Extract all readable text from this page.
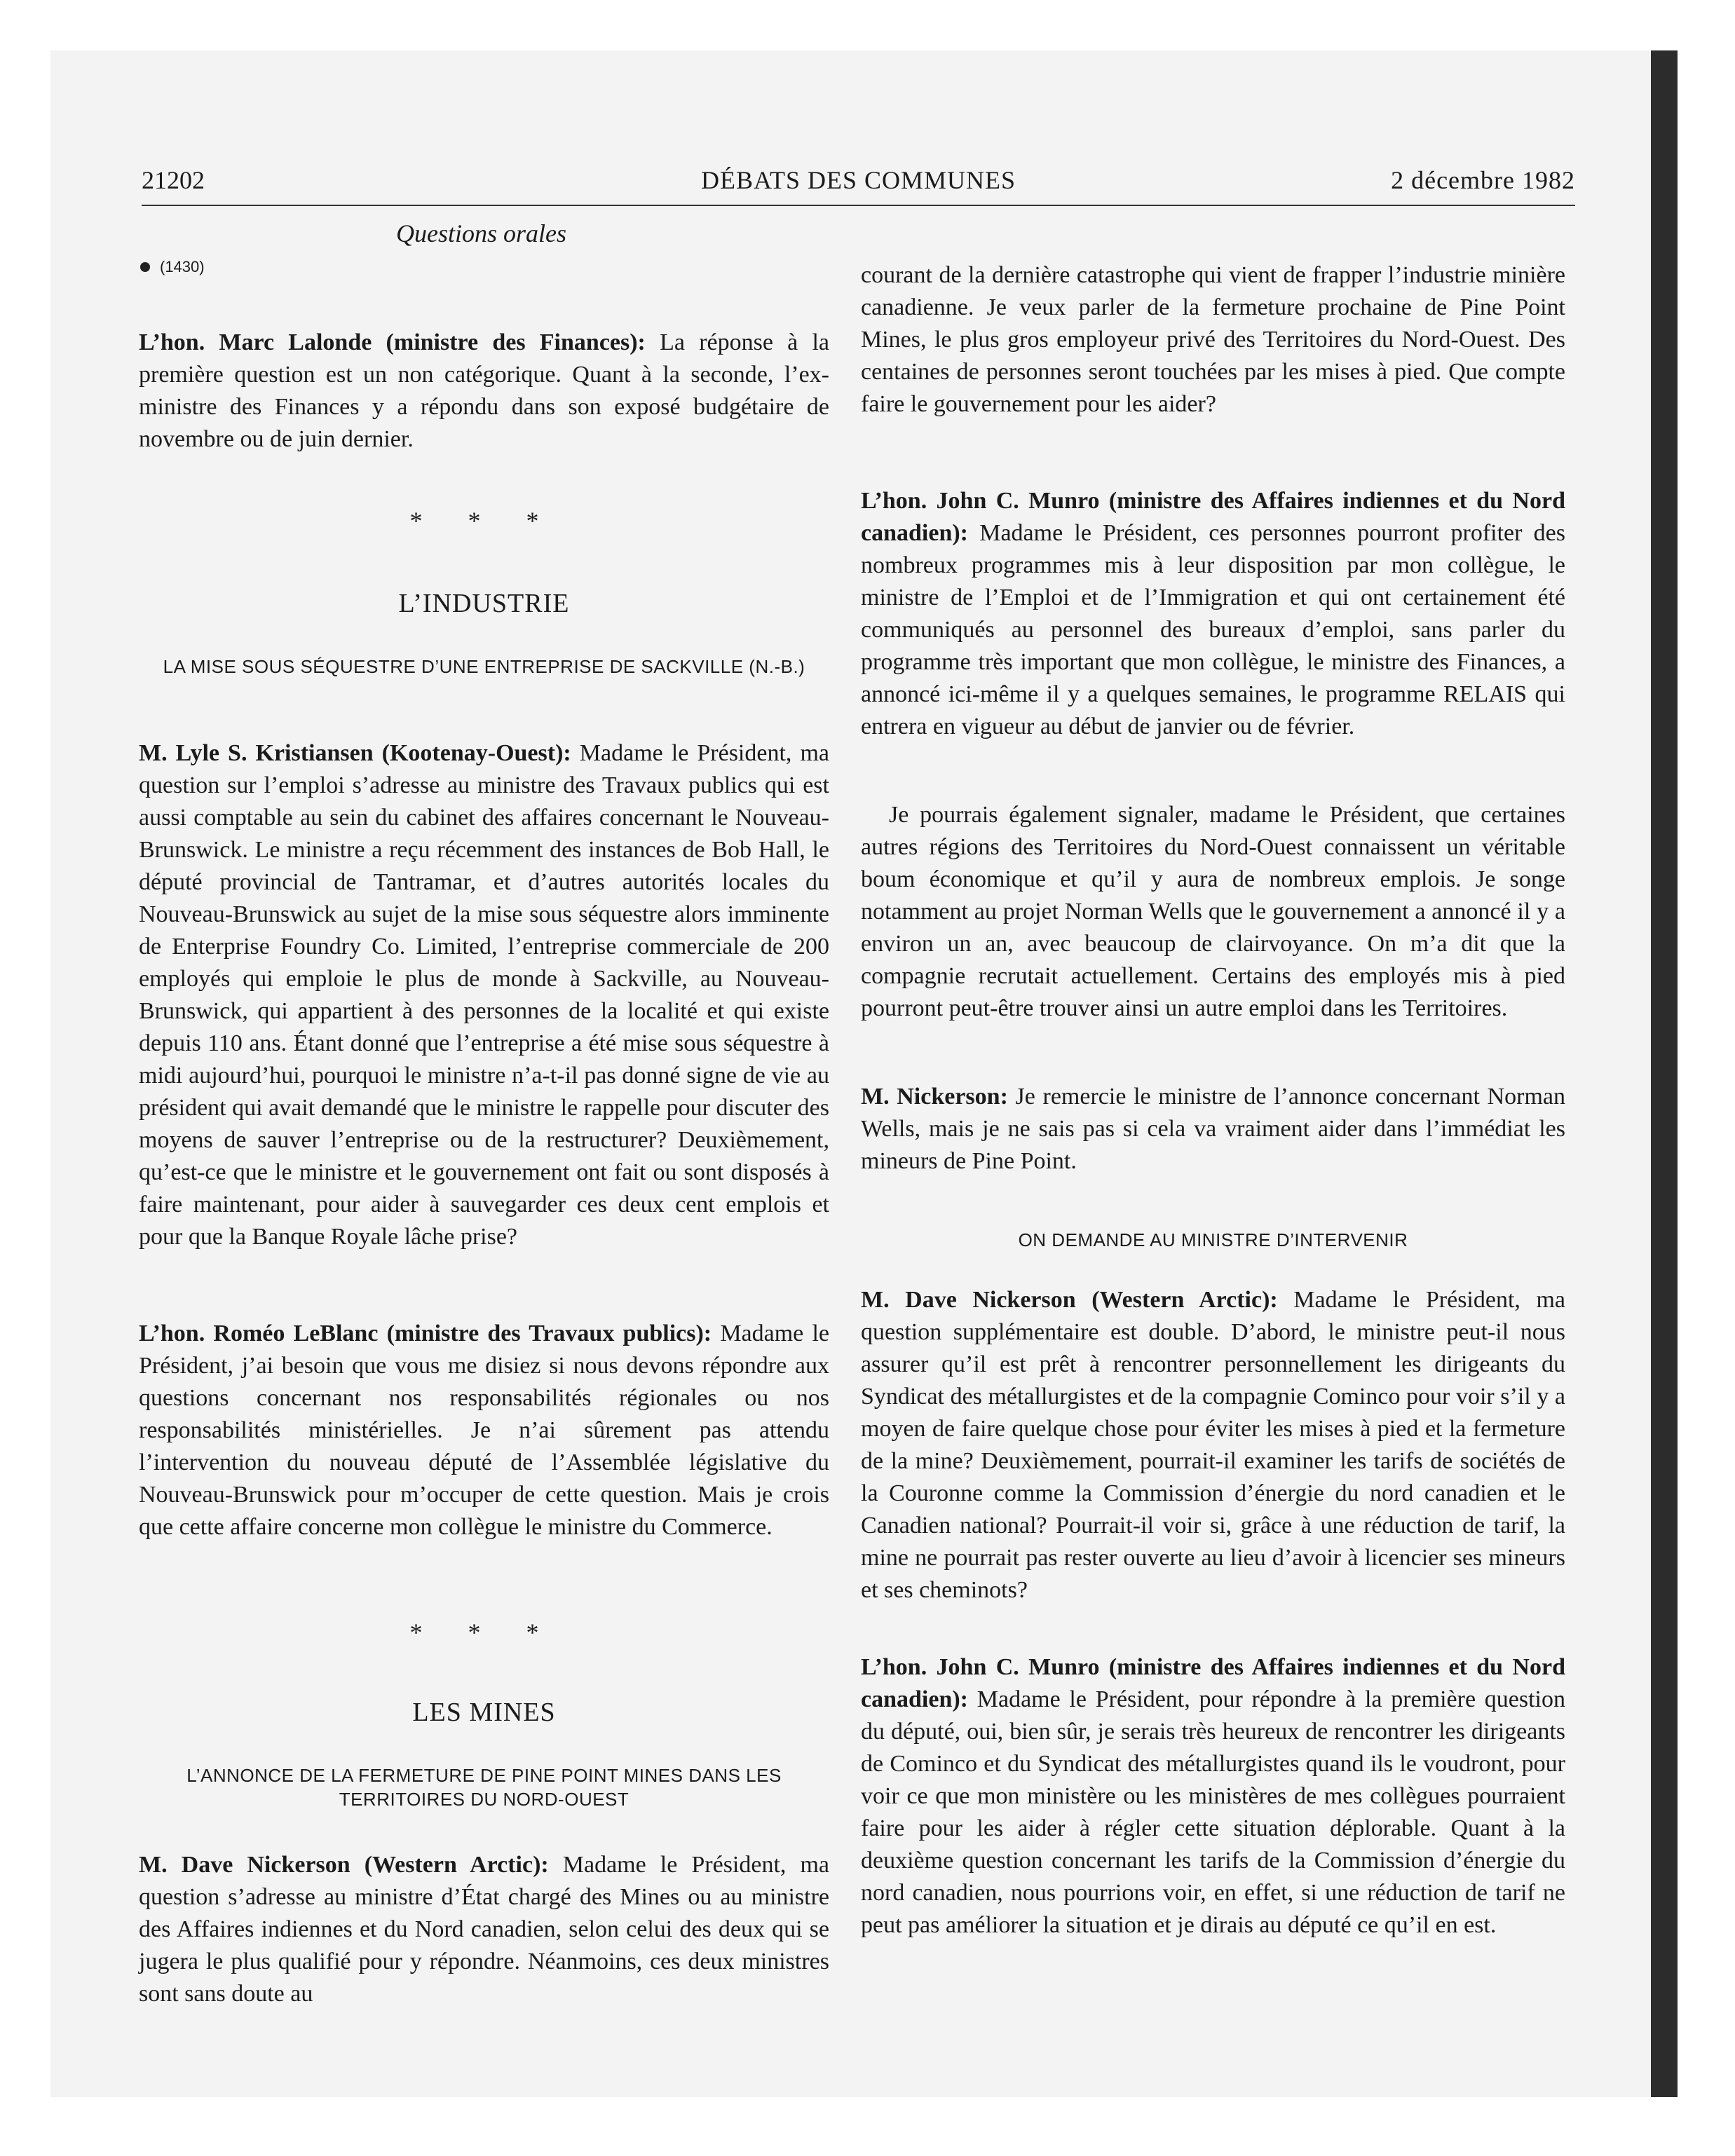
21202	DÉBATS DES COMMUNES	2 décembre 1982
Questions orales
(1430)

L’hon. Marc Lalonde (ministre des Finances): La réponse à la première question est un non catégorique. Quant à la seconde, l’ex-ministre des Finances y a répondu dans son exposé budgétaire de novembre ou de juin dernier.

* * *
L’INDUSTRIE
LA MISE SOUS SÉQUESTRE D’UNE ENTREPRISE DE SACKVILLE (N.-B.)

M. Lyle S. Kristiansen (Kootenay-Ouest): Madame le Président, ma question sur l’emploi s’adresse au ministre des Travaux publics qui est aussi comptable au sein du cabinet des affaires concernant le Nouveau-Brunswick. Le ministre a reçu récemment des instances de Bob Hall, le député provincial de Tantramar, et d’autres autorités locales du Nouveau-Brunswick au sujet de la mise sous séquestre alors imminente de Enterprise Foundry Co. Limited, l’entreprise commerciale de 200 employés qui emploie le plus de monde à Sackville, au Nouveau-Brunswick, qui appartient à des personnes de la localité et qui existe depuis 110 ans. Étant donné que l’entreprise a été mise sous séquestre à midi aujourd’hui, pourquoi le ministre n’a-t-il pas donné signe de vie au président qui avait demandé que le ministre le rappelle pour discuter des moyens de sauver l’entreprise ou de la restructurer? Deuxièmement, qu’est-ce que le ministre et le gouvernement ont fait ou sont disposés à faire maintenant, pour aider à sauvegarder ces deux cent emplois et pour que la Banque Royale lâche prise?

L’hon. Roméo LeBlanc (ministre des Travaux publics): Madame le Président, j’ai besoin que vous me disiez si nous devons répondre aux questions concernant nos responsabilités régionales ou nos responsabilités ministérielles. Je n’ai sûrement pas attendu l’intervention du nouveau député de l’Assemblée législative du Nouveau-Brunswick pour m’occuper de cette question. Mais je crois que cette affaire concerne mon collègue le ministre du Commerce.

* * *
LES MINES
L’ANNONCE DE LA FERMETURE DE PINE POINT MINES DANS LES TERRITOIRES DU NORD-OUEST

M. Dave Nickerson (Western Arctic): Madame le Président, ma question s’adresse au ministre d’État chargé des Mines ou au ministre des Affaires indiennes et du Nord canadien, selon celui des deux qui se jugera le plus qualifié pour y répondre. Néanmoins, ces deux ministres sont sans doute au

courant de la dernière catastrophe qui vient de frapper l’industrie minière canadienne. Je veux parler de la fermeture prochaine de Pine Point Mines, le plus gros employeur privé des Territoires du Nord-Ouest. Des centaines de personnes seront touchées par les mises à pied. Que compte faire le gouvernement pour les aider?

L’hon. John C. Munro (ministre des Affaires indiennes et du Nord canadien): Madame le Président, ces personnes pourront profiter des nombreux programmes mis à leur disposition par mon collègue, le ministre de l’Emploi et de l’Immigration et qui ont certainement été communiqués au personnel des bureaux d’emploi, sans parler du programme très important que mon collègue, le ministre des Finances, a annoncé ici-même il y a quelques semaines, le programme RELAIS qui entrera en vigueur au début de janvier ou de février.

Je pourrais également signaler, madame le Président, que certaines autres régions des Territoires du Nord-Ouest connaissent un véritable boum économique et qu’il y aura de nombreux emplois. Je songe notamment au projet Norman Wells que le gouvernement a annoncé il y a environ un an, avec beaucoup de clairvoyance. On m’a dit que la compagnie recrutait actuellement. Certains des employés mis à pied pourront peut-être trouver ainsi un autre emploi dans les Territoires.

M. Nickerson: Je remercie le ministre de l’annonce concernant Norman Wells, mais je ne sais pas si cela va vraiment aider dans l’immédiat les mineurs de Pine Point.

ON DEMANDE AU MINISTRE D’INTERVENIR

M. Dave Nickerson (Western Arctic): Madame le Président, ma question supplémentaire est double. D’abord, le ministre peut-il nous assurer qu’il est prêt à rencontrer personnellement les dirigeants du Syndicat des métallurgistes et de la compagnie Cominco pour voir s’il y a moyen de faire quelque chose pour éviter les mises à pied et la fermeture de la mine? Deuxièmement, pourrait-il examiner les tarifs de sociétés de la Couronne comme la Commission d’énergie du nord canadien et le Canadien national? Pourrait-il voir si, grâce à une réduction de tarif, la mine ne pourrait pas rester ouverte au lieu d’avoir à licencier ses mineurs et ses cheminots?

L’hon. John C. Munro (ministre des Affaires indiennes et du Nord canadien): Madame le Président, pour répondre à la première question du député, oui, bien sûr, je serais très heureux de rencontrer les dirigeants de Cominco et du Syndicat des métallurgistes quand ils le voudront, pour voir ce que mon ministère ou les ministères de mes collègues pourraient faire pour les aider à régler cette situation déplorable. Quant à la deuxième question concernant les tarifs de la Commission d’énergie du nord canadien, nous pourrions voir, en effet, si une réduction de tarif ne peut pas améliorer la situation et je dirais au député ce qu’il en est.
